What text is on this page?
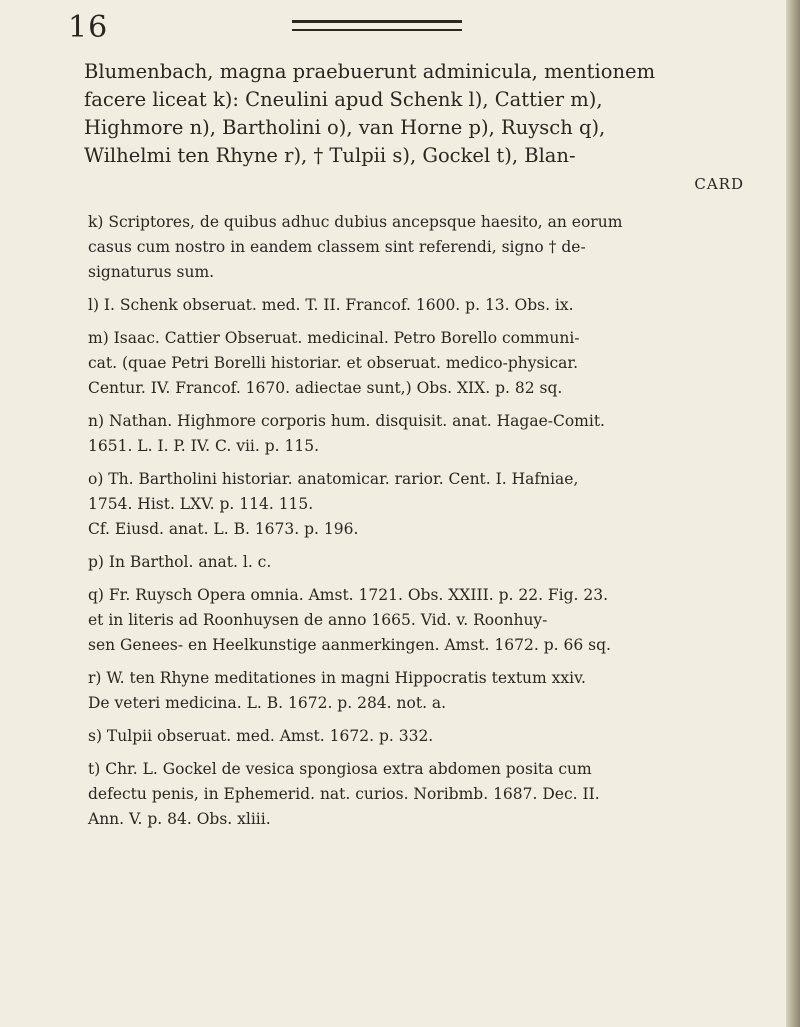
16
Blumenbach, magna praebuerunt adminicula, mentionem
facere liceat k): Cneulini apud Schenk l), Cattier m),
Highmore n), Bartholini o), van Horne p), Ruysch q),
Wilhelmi ten Rhyne r), † Tulpii s), Gockel t), Blan-
CARD

k) Scriptores, de quibus adhuc dubius ancepsque haesito, an eorum

casus cum nostro in eandem classem sint referendi, signo † de-

signaturus sum.

l) I. Schenk obseruat. med. T. II. Francof. 1600. p. 13. Obs. ix.

m) Isaac. Cattier Obseruat. medicinal. Petro Borello communi-

cat. (quae Petri Borelli historiar. et obseruat. medico-physicar.

Centur. IV. Francof. 1670. adiectae sunt,) Obs. XIX. p. 82 sq.

n) Nathan. Highmore corporis hum. disquisit. anat. Hagae-Comit.

1651. L. I. P. IV. C. vii. p. 115.

o) Th. Bartholini historiar. anatomicar. rarior. Cent. I. Hafniae,

1754. Hist. LXV. p. 114. 115.

Cf. Eiusd. anat. L. B. 1673. p. 196.

p) In Barthol. anat. l. c.

q) Fr. Ruysch Opera omnia. Amst. 1721. Obs. XXIII. p. 22. Fig. 23.

et in literis ad Roonhuysen de anno 1665. Vid. v. Roonhuy-

sen Genees- en Heelkunstige aanmerkingen. Amst. 1672. p. 66 sq.

r) W. ten Rhyne meditationes in magni Hippocratis textum xxiv.

De veteri medicina. L. B. 1672. p. 284. not. a.

s) Tulpii obseruat. med. Amst. 1672. p. 332.

t) Chr. L. Gockel de vesica spongiosa extra abdomen posita cum

defectu penis, in Ephemerid. nat. curios. Noribmb. 1687. Dec. II.

Ann. V. p. 84. Obs. xliii.
